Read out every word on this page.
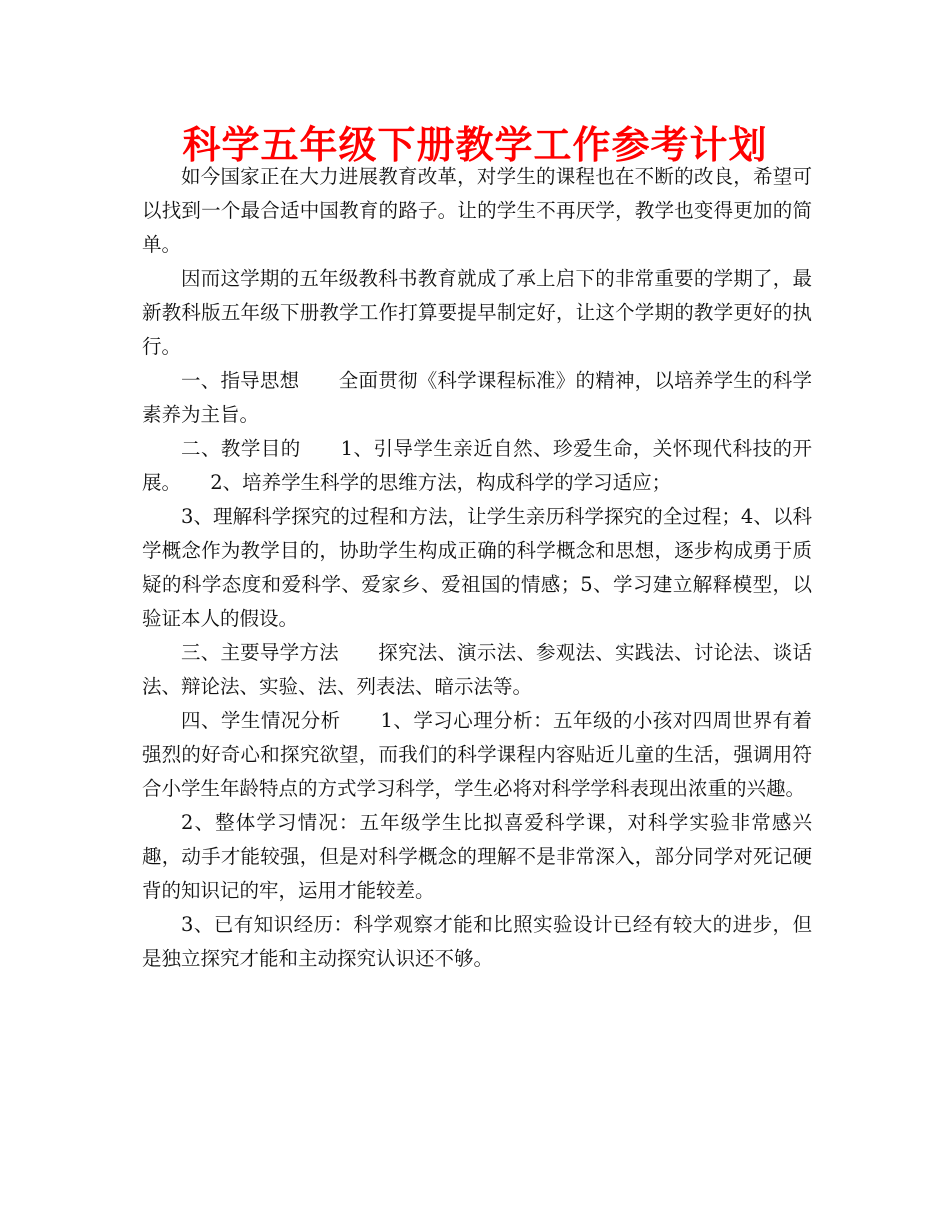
科学五年级下册教学工作参考计划

如今国家正在大力进展教育改革，对学生的课程也在不断的改良，希望可以找到一个最合适中国教育的路子。让的学生不再厌学，教学也变得更加的简单。

因而这学期的五年级教科书教育就成了承上启下的非常重要的学期了，最新教科版五年级下册教学工作打算要提早制定好，让这个学期的教学更好的执行。

一、指导思想　　全面贯彻《科学课程标准》的精神，以培养学生的科学素养为主旨。

二、教学目的　　1、引导学生亲近自然、珍爱生命，关怀现代科技的开展。　　2、培养学生科学的思维方法，构成科学的学习适应；

3、理解科学探究的过程和方法，让学生亲历科学探究的全过程；4、以科学概念作为教学目的，协助学生构成正确的科学概念和思想，逐步构成勇于质疑的科学态度和爱科学、爱家乡、爱祖国的情感；5、学习建立解释模型，以验证本人的假设。

三、主要导学方法　　探究法、演示法、参观法、实践法、讨论法、谈话法、辩论法、实验、法、列表法、暗示法等。

四、学生情况分析　　1、学习心理分析：五年级的小孩对四周世界有着强烈的好奇心和探究欲望，而我们的科学课程内容贴近儿童的生活，强调用符合小学生年龄特点的方式学习科学，学生必将对科学学科表现出浓重的兴趣。

2、整体学习情况：五年级学生比拟喜爱科学课，对科学实验非常感兴趣，动手才能较强，但是对科学概念的理解不是非常深入，部分同学对死记硬背的知识记的牢，运用才能较差。

3、已有知识经历：科学观察才能和比照实验设计已经有较大的进步，但是独立探究才能和主动探究认识还不够。
